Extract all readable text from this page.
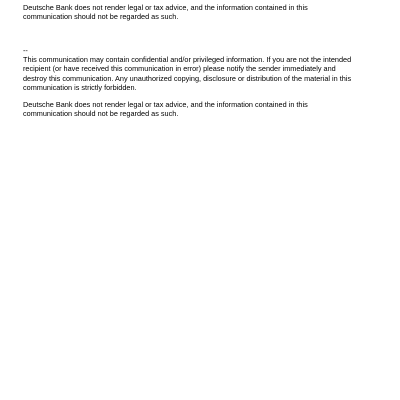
Deutsche Bank does not render legal or tax advice, and the information contained in this
communication should not be regarded as such.

--

This communication may contain confidential and/or privileged information. If you are not the intended
recipient (or have received this communication in error) please notify the sender immediately and
destroy this communication. Any unauthorized copying, disclosure or distribution of the material in this
communication is strictly forbidden.

Deutsche Bank does not render legal or tax advice, and the information contained in this
communication should not be regarded as such.
